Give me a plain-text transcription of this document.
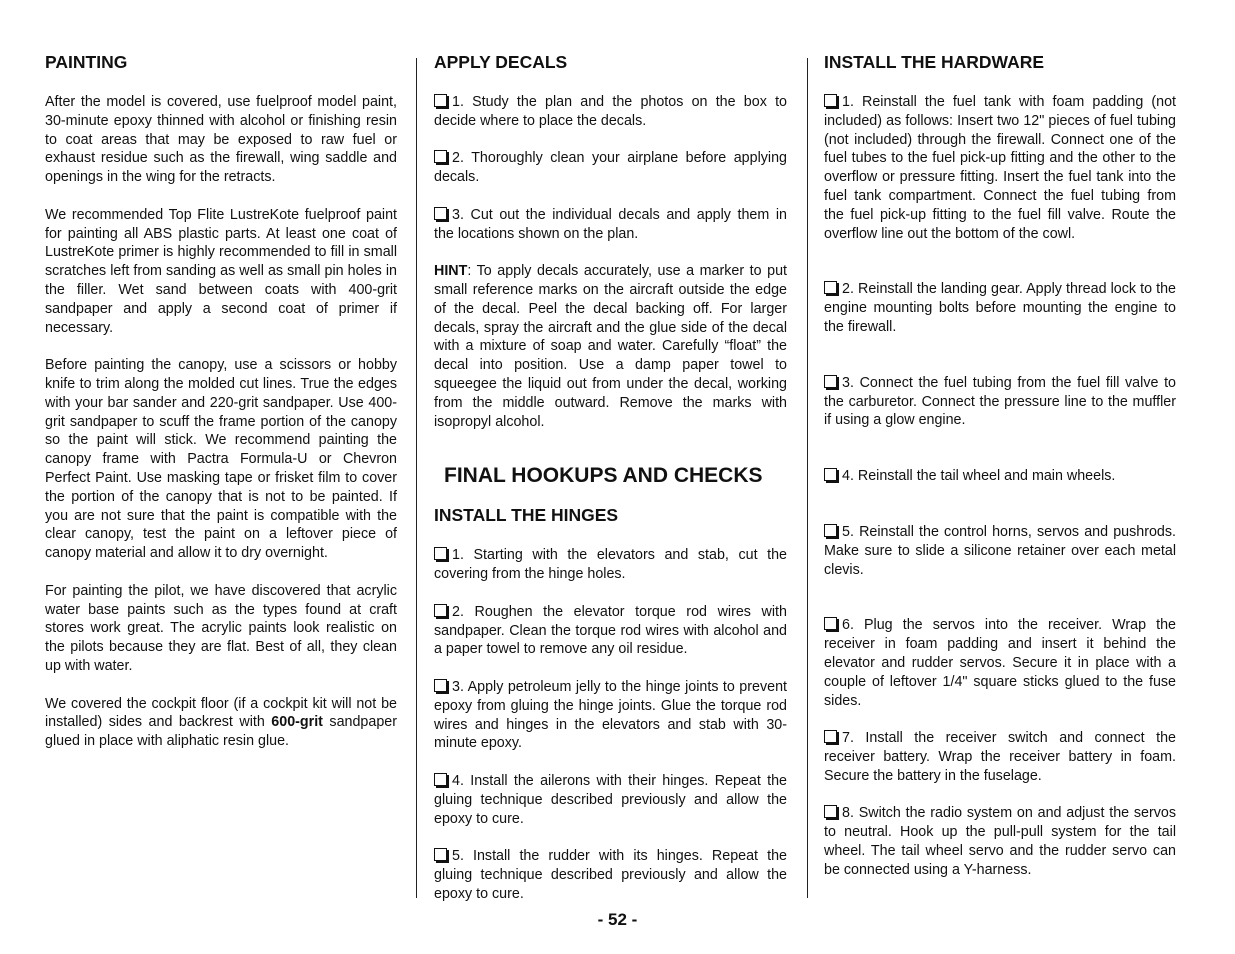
PAINTING

After the model is covered, use fuelproof model paint, 30-minute epoxy thinned with alcohol or finishing resin to coat areas that may be exposed to raw fuel or exhaust residue such as the firewall, wing saddle and openings in the wing for the retracts.

We recommended Top Flite LustreKote fuelproof paint for painting all ABS plastic parts. At least one coat of LustreKote primer is highly recommended to fill in small scratches left from sanding as well as small pin holes in the filler. Wet sand between coats with 400-grit sandpaper and apply a second coat of primer if necessary.

Before painting the canopy, use a scissors or hobby knife to trim along the molded cut lines. True the edges with your bar sander and 220-grit sandpaper. Use 400-grit sandpaper to scuff the frame portion of the canopy so the paint will stick. We recommend painting the canopy frame with Pactra Formula-U or Chevron Perfect Paint. Use masking tape or frisket film to cover the portion of the canopy that is not to be painted. If you are not sure that the paint is compatible with the clear canopy, test the paint on a leftover piece of canopy material and allow it to dry overnight.

For painting the pilot, we have discovered that acrylic water base paints such as the types found at craft stores work great. The acrylic paints look realistic on the pilots because they are flat. Best of all, they clean up with water.

We covered the cockpit floor (if a cockpit kit will not be installed) sides and backrest with 600-grit sandpaper glued in place with aliphatic resin glue.

APPLY DECALS

1. Study the plan and the photos on the box to decide where to place the decals.

2. Thoroughly clean your airplane before applying decals.

3. Cut out the individual decals and apply them in the locations shown on the plan.

HINT: To apply decals accurately, use a marker to put small reference marks on the aircraft outside the edge of the decal. Peel the decal backing off. For larger decals, spray the aircraft and the glue side of the decal with a mixture of soap and water. Carefully “float” the decal into position. Use a damp paper towel to squeegee the liquid out from under the decal, working from the middle outward. Remove the marks with isopropyl alcohol.

FINAL HOOKUPS AND CHECKS
INSTALL THE HINGES

1. Starting with the elevators and stab, cut the covering from the hinge holes.

2. Roughen the elevator torque rod wires with sandpaper. Clean the torque rod wires with alcohol and a paper towel to remove any oil residue.

3. Apply petroleum jelly to the hinge joints to prevent epoxy from gluing the hinge joints. Glue the torque rod wires and hinges in the elevators and stab with 30-minute epoxy.

4. Install the ailerons with their hinges. Repeat the gluing technique described previously and allow the epoxy to cure.

5. Install the rudder with its hinges. Repeat the gluing technique described previously and allow the epoxy to cure.

INSTALL THE HARDWARE

1. Reinstall the fuel tank with foam padding (not included) as follows: Insert two 12" pieces of fuel tubing (not included) through the firewall. Connect one of the fuel tubes to the fuel pick-up fitting and the other to the overflow or pressure fitting. Insert the fuel tank into the fuel tank compartment. Connect the fuel tubing from the fuel pick-up fitting to the fuel fill valve. Route the overflow line out the bottom of the cowl.

2. Reinstall the landing gear. Apply thread lock to the engine mounting bolts before mounting the engine to the firewall.

3. Connect the fuel tubing from the fuel fill valve to the carburetor. Connect the pressure line to the muffler if using a glow engine.

4. Reinstall the tail wheel and main wheels.

5. Reinstall the control horns, servos and pushrods. Make sure to slide a silicone retainer over each metal clevis.

6. Plug the servos into the receiver. Wrap the receiver in foam padding and insert it behind the elevator and rudder servos. Secure it in place with a couple of leftover 1/4" square sticks glued to the fuse sides.

7. Install the receiver switch and connect the receiver battery. Wrap the receiver battery in foam. Secure the battery in the fuselage.

8. Switch the radio system on and adjust the servos to neutral. Hook up the pull-pull system for the tail wheel. The tail wheel servo and the rudder servo can be connected using a Y-harness.

- 52 -
